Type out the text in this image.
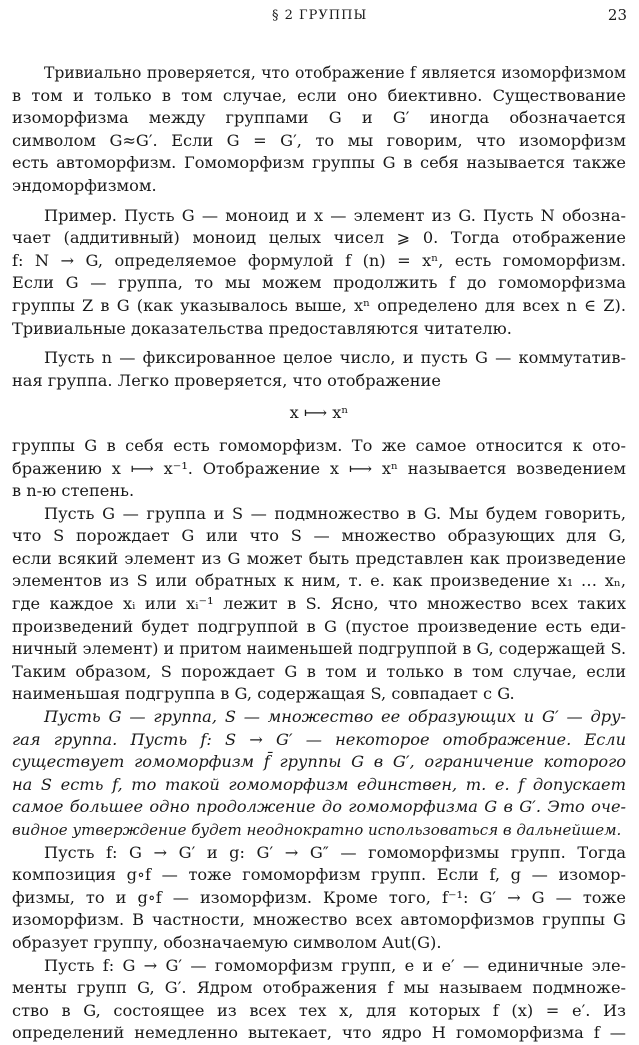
§ 2 ГРУППЫ	23
Тривиально проверяется, что отображение f является изоморфизмом
в том и только в том случае, если оно биективно. Существование
изоморфизма между группами G и G′ иногда обозначается
символом G≈G′. Если G = G′, то мы говорим, что изоморфизм
есть автоморфизм. Гомоморфизм группы G в себя называется также
эндоморфизмом.
Пример. Пусть G — моноид и x — элемент из G. Пусть N обозна-
чает (аддитивный) моноид целых чисел ⩾ 0. Тогда отображение
f: N → G, определяемое формулой f (n) = xⁿ, есть гомоморфизм.
Если G — группа, то мы можем продолжить f до гомоморфизма
группы Z в G (как указывалось выше, xⁿ определено для всех n ∈ Z).
Тривиальные доказательства предоставляются читателю.
Пусть n — фиксированное целое число, и пусть G — коммутатив-
ная группа. Легко проверяется, что отображение
x ⟼ xⁿ
группы G в себя есть гомоморфизм. То же самое относится к ото-
бражению x ⟼ x⁻¹. Отображение x ⟼ xⁿ называется возведением
в n-ю степень.
Пусть G — группа и S — подмножество в G. Мы будем говорить,
что S порождает G или что S — множество образующих для G,
если всякий элемент из G может быть представлен как произведение
элементов из S или обратных к ним, т. е. как произведение x₁ … xₙ,
где каждое xᵢ или xᵢ⁻¹ лежит в S. Ясно, что множество всех таких
произведений будет подгруппой в G (пустое произведение есть еди-
ничный элемент) и притом наименьшей подгруппой в G, содержащей S.
Таким образом, S порождает G в том и только в том случае, если
наименьшая подгруппа в G, содержащая S, совпадает с G.
Пусть G — группа, S — множество ее образующих и G′ — дру-
гая группа. Пусть f: S → G′ — некоторое отображение. Если
существует гомоморфизм f̄ группы G в G′, ограничение которого
на S есть f, то такой гомоморфизм единствен, т. е. f допускает
самое большее одно продолжение до гомоморфизма G в G′. Это оче-
видное утверждение будет неоднократно использоваться в дальнейшем.
Пусть f: G → G′ и g: G′ → G″ — гомоморфизмы групп. Тогда
композиция g∘f — тоже гомоморфизм групп. Если f, g — изомор-
физмы, то и g∘f — изоморфизм. Кроме того, f⁻¹: G′ → G — тоже
изоморфизм. В частности, множество всех автоморфизмов группы G
образует группу, обозначаемую символом Aut(G).
Пусть f: G → G′ — гомоморфизм групп, e и e′ — единичные эле-
менты групп G, G′. Ядром отображения f мы называем подмноже-
ство в G, состоящее из всех тех x, для которых f (x) = e′. Из
определений немедленно вытекает, что ядро H гомоморфизма f —
